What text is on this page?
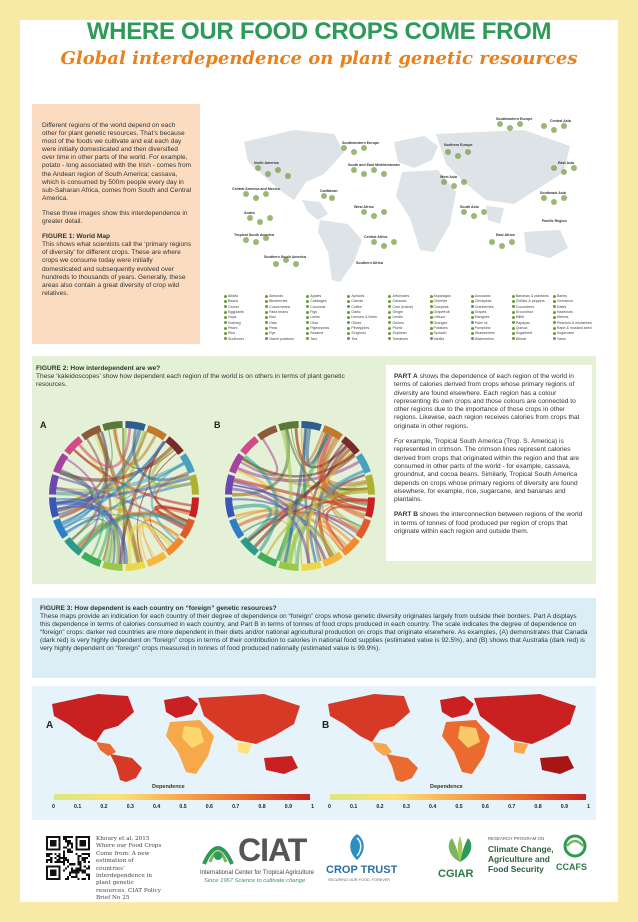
WHERE OUR FOOD CROPS COME FROM
Global interdependence on plant genetic resources

Different regions of the world depend on each other for plant genetic resources. That’s because most of the foods we cultivate and eat each day were initially domesticated and then diversified over time in other parts of the world. For example, potato - long associated with the Irish - comes from the Andean region of South America; cassava, which is consumed by 500m people every day in sub-Saharan Africa, comes from South and Central America.

These three images show this interdependence in greater detail.

FIGURE 1: World Map
This shows what scientists call the ‘primary regions of diversity’ for different crops. These are where crops we consume today were initially domesticated and subsequently evolved over hundreds to thousands of years. Generally, these areas also contain a great diversity of crop wild relatives.

North America
Central America and Mexico	Caribbean
Andes
Tropical South America
Southern South America
Northern Europe
Southeastern Europe
Southwestern Europe
South and East Mediterranean
West Africa
Central Africa
Southern Africa
East Africa
West Asia
Central Asia
South Asia
East Asia
Southeast Asia
Pacific Region
Alfalfa	Almonds	Apples	Apricots	Artichokes	Asparagus	Avocados	Bananas & plantains	Barley
Beans	Blueberries	Cabbages	Carrots	Cassava	Cherries	Chickpeas	Chillies & peppers	Cinnamon
Cloves	Cocoa beans	Coconuts	Coffee	Corn (maize)	Cowpeas	Cranberries	Cucumbers	Dates
Eggplants	Faba beans	Figs	Garlic	Ginger	Grapefruit	Grapes	Groundnut	Hazelnuts
Hops	Kiwi	Leeks	Lemons & limes	Lentils	Lettuce	Mangoes	Millet	Melons
Nutmeg	Oats	Okra	Olives	Onions	Oranges	Palm oil	Papayas	Peaches & nectarines
Pears	Peas	Pigeonpeas	Pineapples	Plums	Potatoes	Pumpkins	Quinoa	Rape & mustard seed
Rice	Rye	Sesame	Sorghum	Soybean	Spinach	Strawberries	Sugarbeet	Sugarcane
Sunflower	Sweet potatoes	Taro	Tea	Tomatoes	Vanilla	Watermelon	Wheat	Yams
FIGURE 2: How interdependent are we?
These ‘kaleidoscopes’ show how dependent each region of the world is on others in terms of plant genetic resources.
A	B

PART A shows the dependence of each region of the world in terms of calories derived from crops whose primary regions of diversity are found elsewhere. Each region has a colour representing its own crops and those colours are connected to other regions due to the importance of those crops in other regions. Likewise, each region receives calories from crops that originate in other regions.

For example, Tropical South America (Trop. S. America) is represented in crimson. The crimson lines represent calories derived from crops that originated within the region and that are consumed in other parts of the world - for example, cassava, groundnut, and cocoa beans. Similarly, Tropical South America depends on crops whose primary regions of diversity are found elsewhere, for example, rice, sugarcane, and bananas and plantains.

PART B shows the interconnection between regions of the world in terms of tonnes of food produced per region of crops that originate within each region and outside them.

FIGURE 3: How dependent is each country on “foreign” genetic resources?
These maps provide an indication for each country of their degree of dependence on “foreign” crops whose genetic diversity originates largely from outside their borders. Part A displays this dependence in terms of calories consumed in each country, and Part B in terms of tonnes of food crops produced in each country. The scale indicates the degree of dependence on “foreign” crops: darker red countries are more dependent in their diets and/or national agricultural production on crops that originate elsewhere. As examples, (A) demonstrates that Canada (dark red) is very highly dependent on “foreign” crops in terms of their contribution to calories in national food supplies (estimated value is 92.5%), and (B) shows that Australia (dark red) is very highly dependent on “foreign” crops measured in tonnes of food produced nationally (estimated value is 99.9%).
A	B
Dependence
0	0.1	0.2	0.3	0.4	0.5	0.6	0.7	0.8	0.9	1
Dependence
0	0.1	0.2	0.3	0.4	0.5	0.6	0.7	0.8	0.9	1
Khoury et al. 2015 Where our Food Crops Come from: A new estimation of countries’ interdependence in plant genetic resources. CIAT Policy Brief No 25
CIAT
International Center for Tropical Agriculture
Since 1967 Science to cultivate change
CROP TRUST
SECURING OUR FOOD, FOREVER	CGIAR
RESEARCH PROGRAM ON
Climate Change,
Agriculture and
Food Security CCAFS
